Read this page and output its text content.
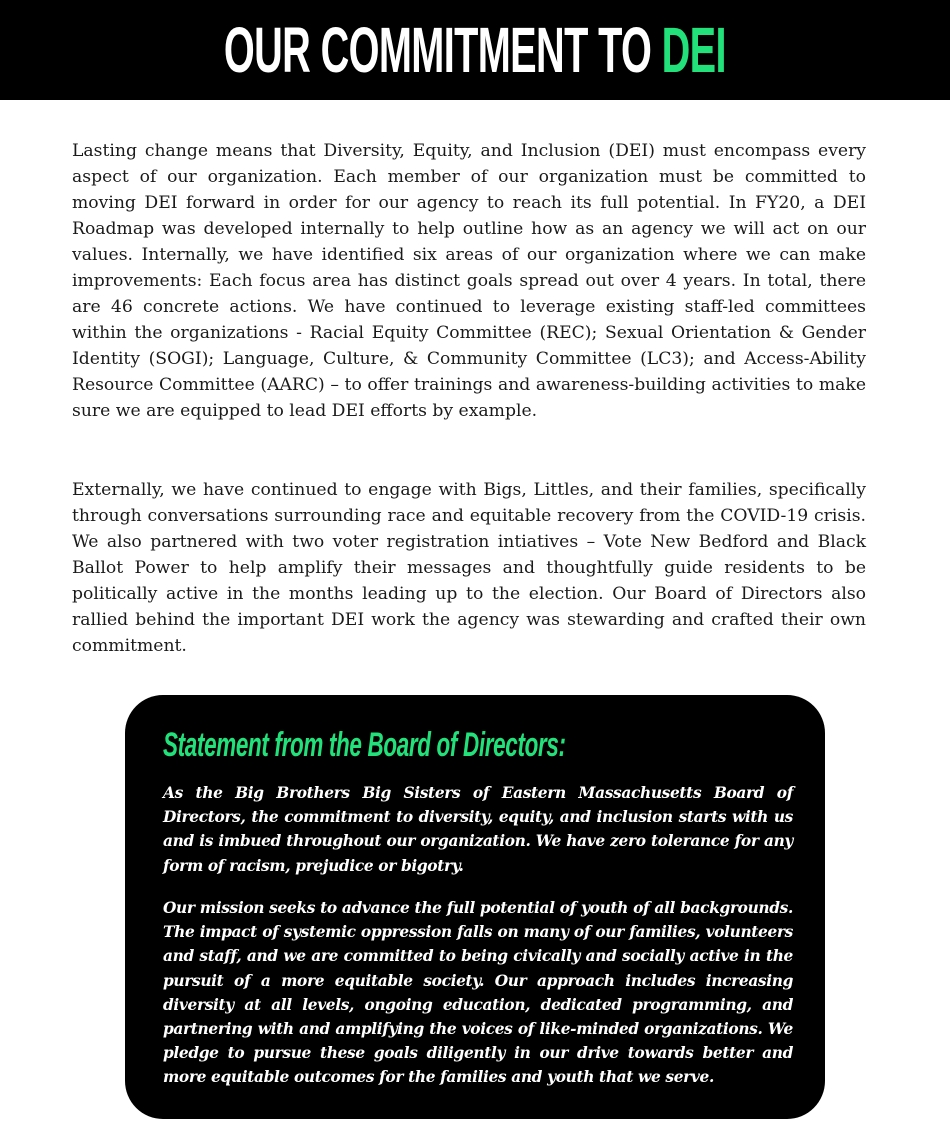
OUR COMMITMENT TO DEI

Lasting change means that Diversity, Equity, and Inclusion (DEI) must encompass every aspect of our organization. Each member of our organization must be committed to moving DEI forward in order for our agency to reach its full potential. In FY20, a DEI Roadmap was developed internally to help outline how as an agency we will act on our values. Internally, we have identified six areas of our organization where we can make improvements: Each focus area has distinct goals spread out over 4 years. In total, there are 46 concrete actions. We have continued to leverage existing staff-led committees within the organizations - Racial Equity Committee (REC); Sexual Orientation & Gender Identity (SOGI); Language, Culture, & Community Committee (LC3); and Access-Ability Resource Committee (AARC) – to offer trainings and awareness-building activities to make sure we are equipped to lead DEI efforts by example.

Externally, we have continued to engage with Bigs, Littles, and their families, specifically through conversations surrounding race and equitable recovery from the COVID-19 crisis. We also partnered with two voter registration intiatives – Vote New Bedford and Black Ballot Power to help amplify their messages and thoughtfully guide residents to be politically active in the months leading up to the election. Our Board of Directors also rallied behind the important DEI work the agency was stewarding and crafted their own commitment.

Statement from the Board of Directors:

As the Big Brothers Big Sisters of Eastern Massachusetts Board of Directors, the commitment to diversity, equity, and inclusion starts with us and is imbued throughout our organization. We have zero tolerance for any form of racism, prejudice or bigotry.

Our mission seeks to advance the full potential of youth of all backgrounds. The impact of systemic oppression falls on many of our families, volunteers and staff, and we are committed to being civically and socially active in the pursuit of a more equitable society. Our approach includes increasing diversity at all levels, ongoing education, dedicated programming, and partnering with and amplifying the voices of like-minded organizations. We pledge to pursue these goals diligently in our drive towards better and more equitable outcomes for the families and youth that we serve.
